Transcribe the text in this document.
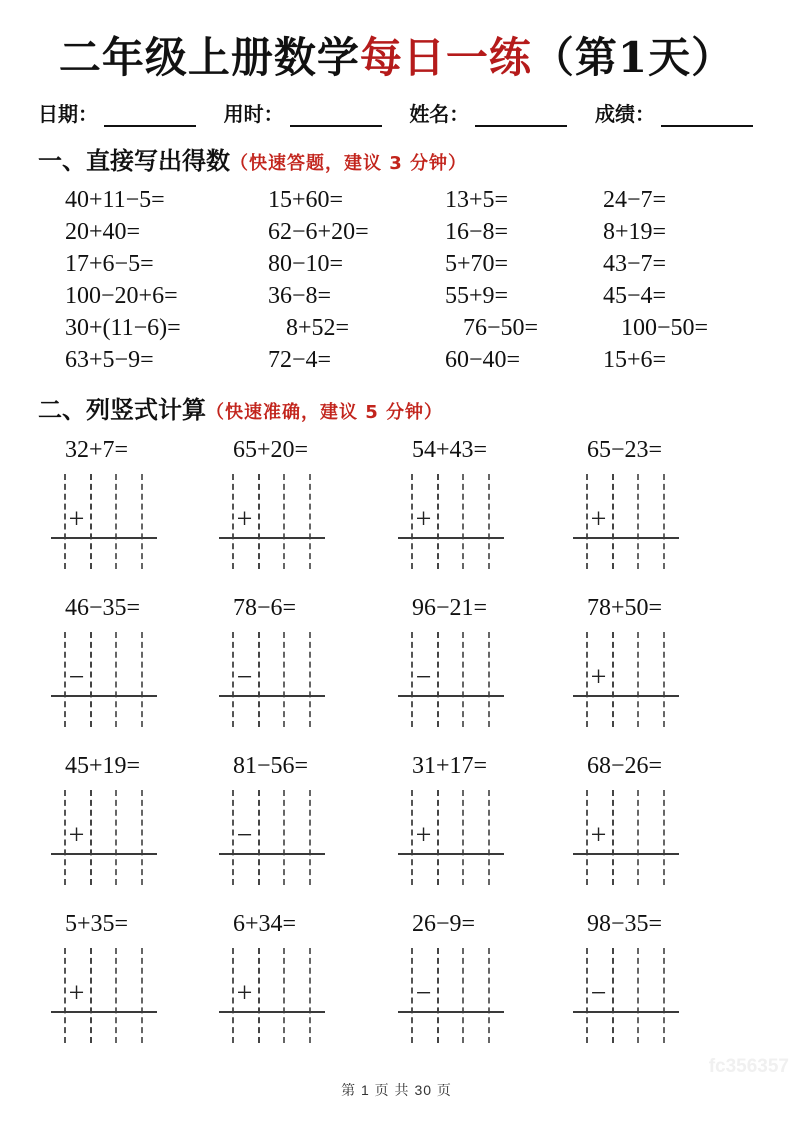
二年级上册数学每日一练（第1天）
日期：	用时：	姓名：	成绩：
一、直接写出得数（快速答题，建议 3 分钟）
40+11−5=	15+60=	13+5=	24−7=
20+40=	62−6+20=	16−8=	8+19=
17+6−5=	80−10=	5+70=	43−7=
100−20+6=	36−8=	55+9=	45−4=
30+(11−6)=	8+52=	76−50=	100−50=
63+5−9=	72−4=	60−40=	15+6=
二、列竖式计算（快速准确，建议 5 分钟）
32+7=
+
65+20=
+
54+43=
+
65−23=
+
46−35=
−
78−6=
−
96−21=
−
78+50=
+
45+19=
+
81−56=
−
31+17=
+
68−26=
+
5+35=
+
6+34=
+
26−9=
−
98−35=
−
fc356357
第 1 页 共 30 页
